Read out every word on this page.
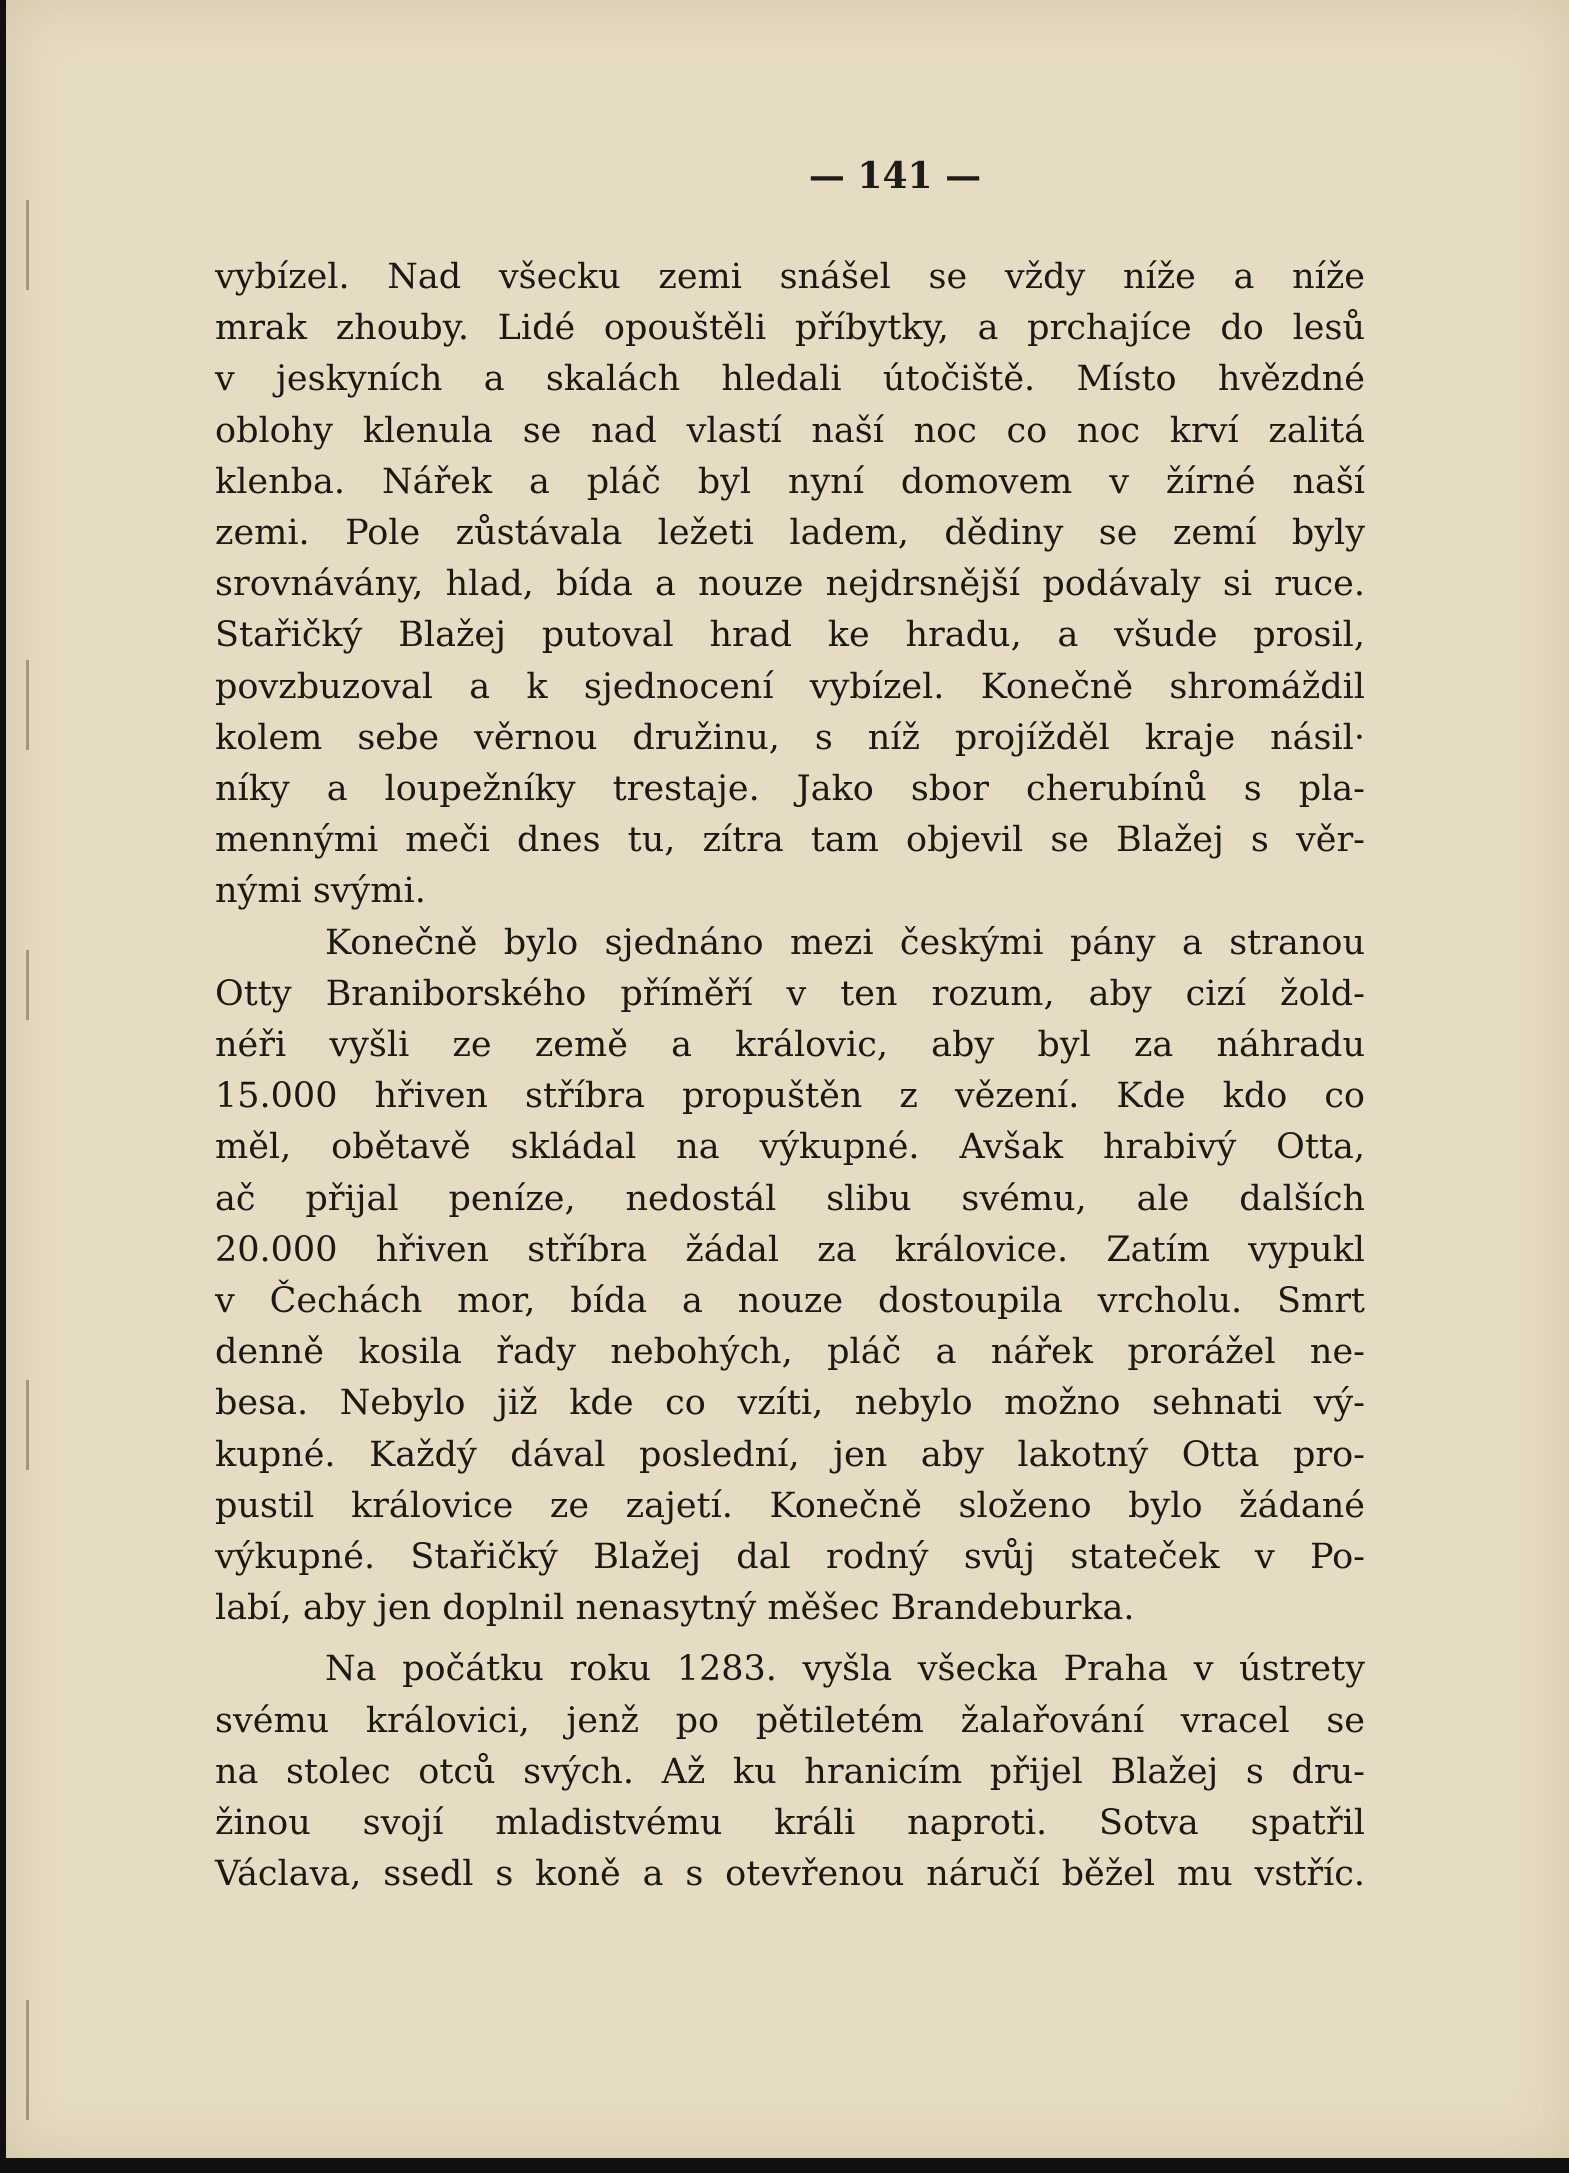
— 141 —

vybízel. Nad všecku zemi snášel se vždy níže a níže
mrak zhouby. Lidé opouštěli příbytky, a prchajíce do lesů
v jeskyních a skalách hledali útočiště. Místo hvězdné
oblohy klenula se nad vlastí naší noc co noc krví zalitá
klenba. Nářek a pláč byl nyní domovem v žírné naší
zemi. Pole zůstávala ležeti ladem, dědiny se zemí byly
srovnávány, hlad, bída a nouze nejdrsnější podávaly si ruce.
Stařičký Blažej putoval hrad ke hradu, a všude prosil,
povzbuzoval a k sjednocení vybízel. Konečně shromáždil
kolem sebe věrnou družinu, s níž projížděl kraje násil·
níky a loupežníky trestaje. Jako sbor cherubínů s pla-
mennými meči dnes tu, zítra tam objevil se Blažej s věr-
nými svými.

Konečně bylo sjednáno mezi českými pány a stranou
Otty Braniborského příměří v ten rozum, aby cizí žold-
néři vyšli ze země a královic, aby byl za náhradu
15.000 hřiven stříbra propuštěn z vězení. Kde kdo co
měl, obětavě skládal na výkupné. Avšak hrabivý Otta,
ač přijal peníze, nedostál slibu svému, ale dalších
20.000 hřiven stříbra žádal za královice. Zatím vypukl
v Čechách mor, bída a nouze dostoupila vrcholu. Smrt
denně kosila řady nebohých, pláč a nářek prorážel ne-
besa. Nebylo již kde co vzíti, nebylo možno sehnati vý-
kupné. Každý dával poslední, jen aby lakotný Otta pro-
pustil královice ze zajetí. Konečně složeno bylo žádané
výkupné. Stařičký Blažej dal rodný svůj stateček v Po-
labí, aby jen doplnil nenasytný měšec Brandeburka.

Na počátku roku 1283. vyšla všecka Praha v ústrety
svému královici, jenž po pětiletém žalařování vracel se
na stolec otců svých. Až ku hranicím přijel Blažej s dru-
žinou svojí mladistvému králi naproti. Sotva spatřil
Václava, ssedl s koně a s otevřenou náručí běžel mu vstříc.
